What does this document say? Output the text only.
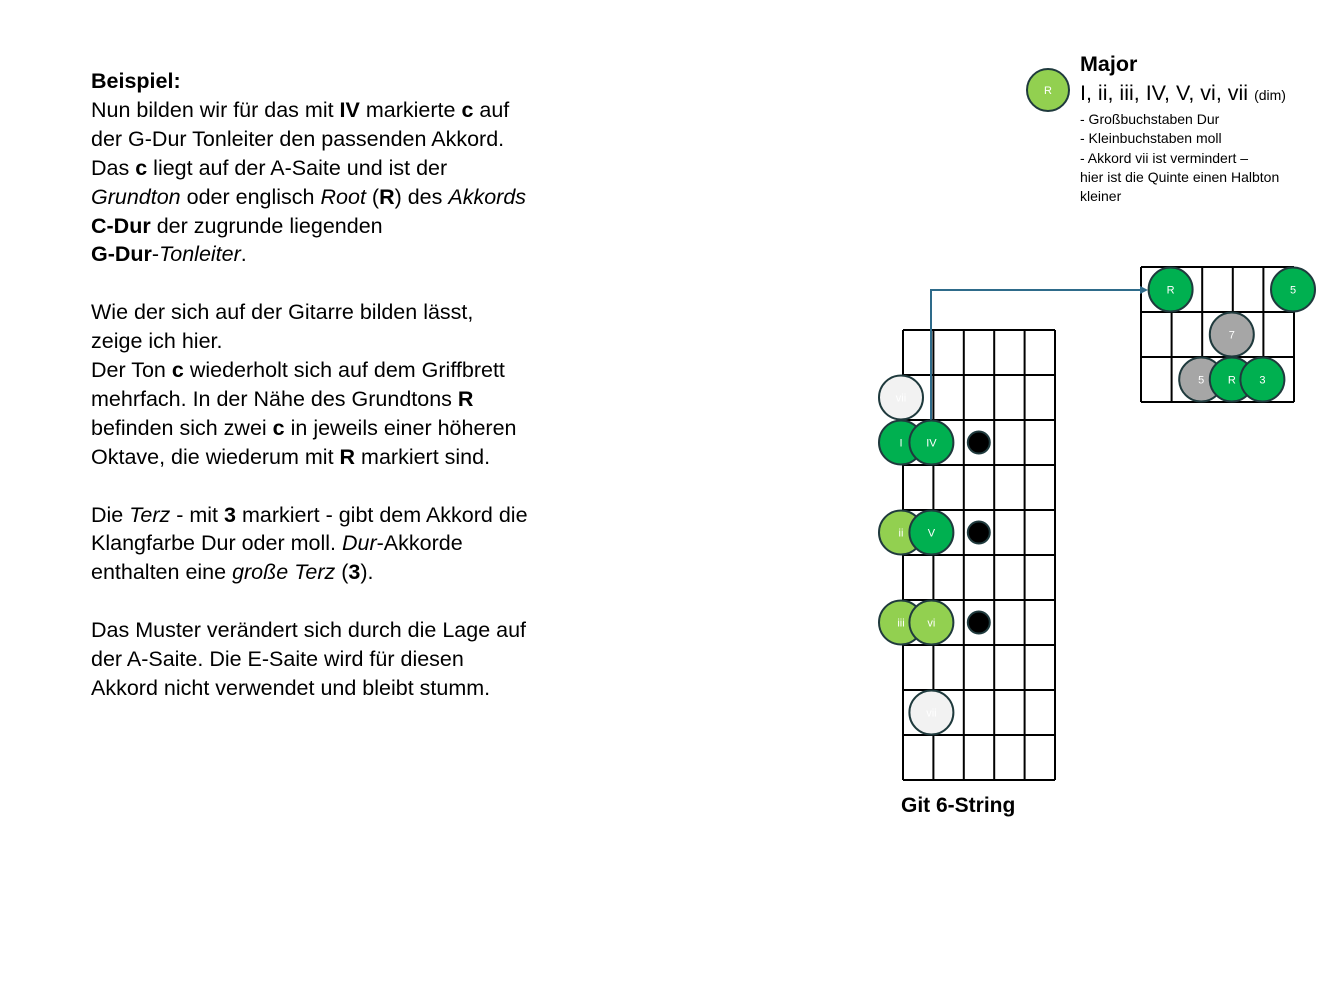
Beispiel:
Nun bilden wir für das mit IV markierte c auf
der G-Dur Tonleiter den passenden Akkord.
Das c liegt auf der A-Saite und ist der
Grundton oder englisch Root (R) des Akkords
C-Dur der zugrunde liegenden
G-Dur-Tonleiter.

Wie der sich auf der Gitarre bilden lässt,
zeige ich hier.
Der Ton c wiederholt sich auf dem Griffbrett
mehrfach. In der Nähe des Grundtons R
befinden sich zwei c in jeweils einer höheren
Oktave, die wiederum mit R markiert sind.

Die Terz - mit 3 markiert - gibt dem Akkord die
Klangfarbe Dur oder moll. Dur-Akkorde
enthalten eine große Terz (3).

Das Muster verändert sich durch die Lage auf
der A-Saite. Die E-Saite wird für diesen
Akkord nicht verwendet und bleibt stumm.

Major
I, ii, iii, IV, V, vi, vii (dim)
- Großbuchstaben Dur
- Kleinbuchstaben moll
- Akkord vii ist vermindert –
hier ist die Quinte einen Halbton
kleiner
R
vii
I IV
ii V
iii vi
vii
R	5
7
5 R 3
Git 6-String
